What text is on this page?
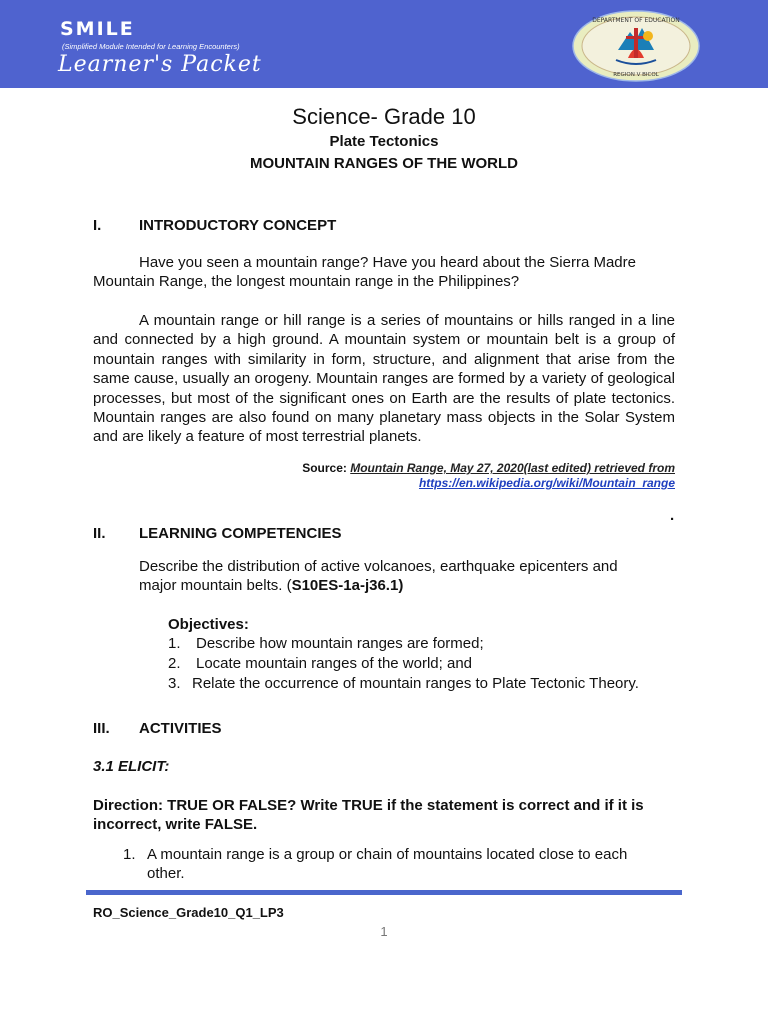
SMILE
(Simplified Module Intended for Learning Encounters)
Learner's Packet
DEPARTMENT OF EDUCATION
REGION V BICOL
Science- Grade 10
Plate Tectonics
MOUNTAIN RANGES OF THE WORLD
I.	INTRODUCTORY CONCEPT
Have you seen a mountain range? Have you heard about the Sierra Madre Mountain Range, the longest mountain range in the Philippines?
A mountain range or hill range is a series of mountains or hills ranged in a line and connected by a high ground. A mountain system or mountain belt is a group of mountain ranges with similarity in form, structure, and alignment that arise from the same cause, usually an orogeny. Mountain ranges are formed by a variety of geological processes, but most of the significant ones on Earth are the results of plate tectonics. Mountain ranges are also found on many planetary mass objects in the Solar System and are likely a feature of most terrestrial planets.
Source: Mountain Range, May 27, 2020(last edited) retrieved from
https://en.wikipedia.org/wiki/Mountain_range
.
II. LEARNING COMPETENCIES
Describe the distribution of active volcanoes, earthquake epicenters and major mountain belts. (S10ES-1a-j36.1)
Objectives:
1. Describe how mountain ranges are formed;
2. Locate mountain ranges of the world; and
3. Relate the occurrence of mountain ranges to Plate Tectonic Theory.
III. ACTIVITIES
3.1 ELICIT:
Direction: TRUE OR FALSE? Write TRUE if the statement is correct and if it is incorrect, write FALSE.
1. A mountain range is a group or chain of mountains located close to each other.
RO_Science_Grade10_Q1_LP3
1
